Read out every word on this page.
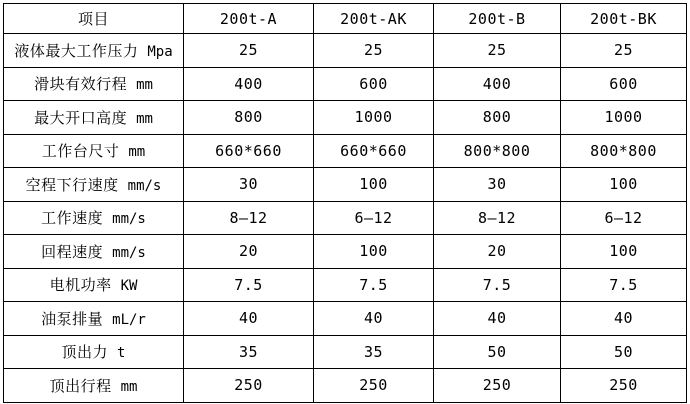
项目	200t-A	200t-AK	200t-B	200t-BK
液体最大工作压力 Mpa	25	25	25	25
滑块有效行程 mm	400	600	400	600
最大开口高度 mm	800	1000	800	1000
工作台尺寸 mm	660*660	660*660	800*800	800*800
空程下行速度 mm/s	30	100	30	100
工作速度 mm/s	8—12	6—12	8—12	6—12
回程速度 mm/s	20	100	20	100
电机功率 KW	7.5	7.5	7.5	7.5
油泵排量 mL/r	40	40	40	40
顶出力 t	35	35	50	50
顶出行程 mm	250	250	250	250
